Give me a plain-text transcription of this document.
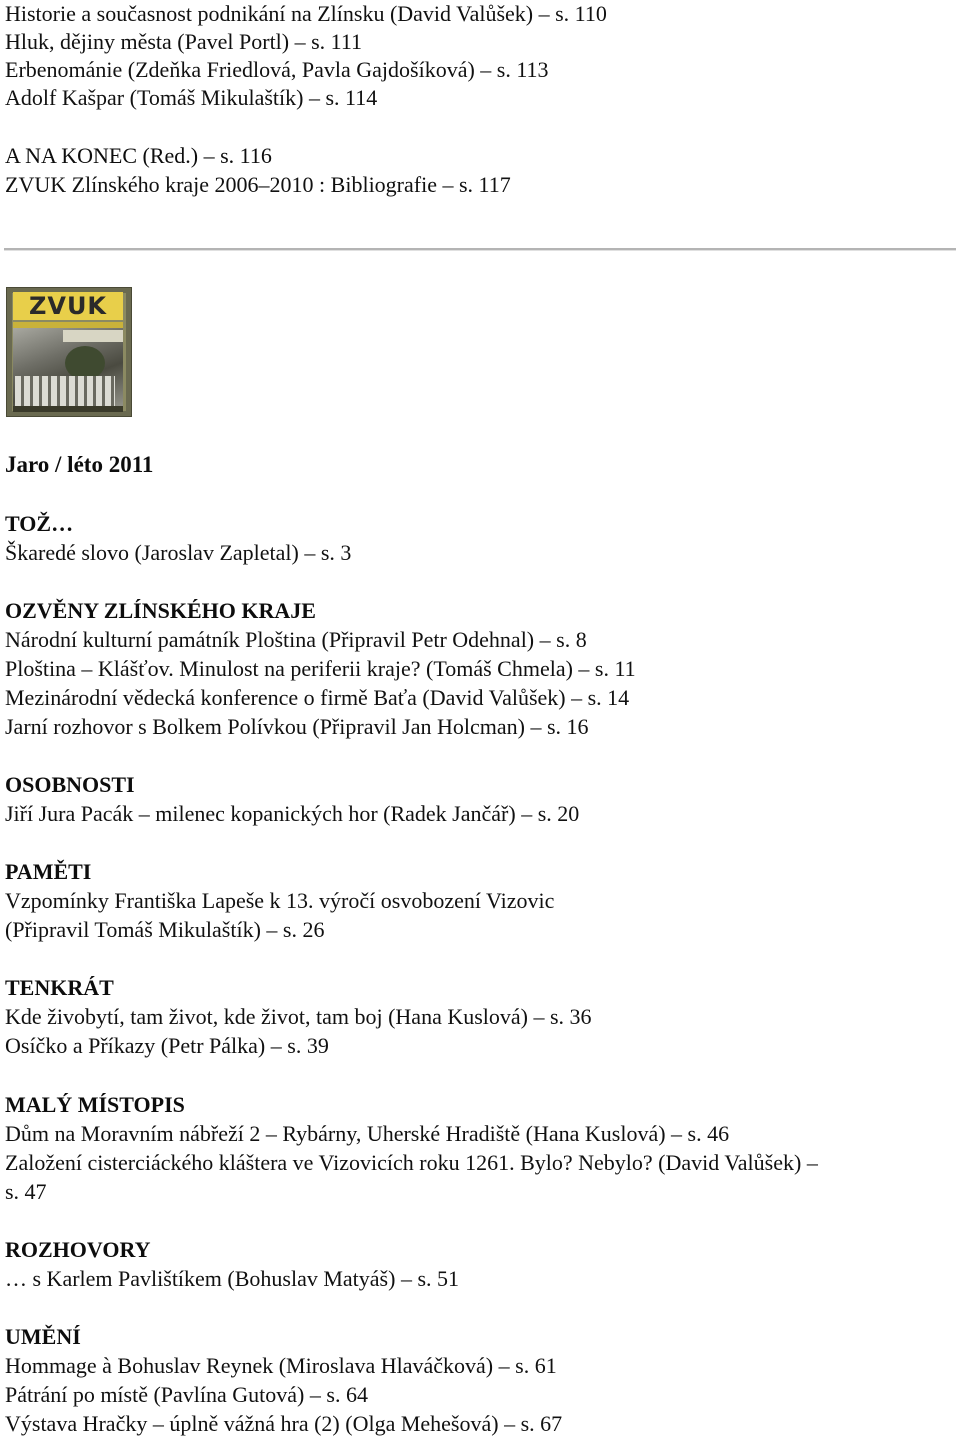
Historie a současnost podnikání na Zlínsku (David Valůšek) – s. 110
Hluk, dějiny města (Pavel Portl) – s. 111
Erbenománie (Zdeňka Friedlová, Pavla Gajdošíková) – s. 113
Adolf Kašpar (Tomáš Mikulaštík) – s. 114
A NA KONEC (Red.) – s. 116
ZVUK Zlínského kraje 2006–2010 : Bibliografie – s. 117
ZVUK
Jaro / léto 2011
TOŽ…
Škaredé slovo (Jaroslav Zapletal) – s. 3
OZVĚNY ZLÍNSKÉHO KRAJE
Národní kulturní památník Ploština (Připravil Petr Odehnal) – s. 8
Ploština – Klášťov. Minulost na periferii kraje? (Tomáš Chmela) – s. 11
Mezinárodní vědecká konference o firmě Baťa (David Valůšek) – s. 14
Jarní rozhovor s Bolkem Polívkou (Připravil Jan Holcman) – s. 16
OSOBNOSTI
Jiří Jura Pacák – milenec kopanických hor (Radek Jančář) – s. 20
PAMĚTI
Vzpomínky Františka Lapeše k 13. výročí osvobození Vizovic
(Připravil Tomáš Mikulaštík) – s. 26
TENKRÁT
Kde živobytí, tam život, kde život, tam boj (Hana Kuslová) – s. 36
Osíčko a Příkazy (Petr Pálka) – s. 39
MALÝ MÍSTOPIS
Dům na Moravním nábřeží 2 – Rybárny, Uherské Hradiště (Hana Kuslová) – s. 46
Založení cisterciáckého kláštera ve Vizovicích roku 1261. Bylo? Nebylo? (David Valůšek) –
s. 47
ROZHOVORY
… s Karlem Pavlištíkem (Bohuslav Matyáš) – s. 51
UMĚNÍ
Hommage à Bohuslav Reynek (Miroslava Hlaváčková) – s. 61
Pátrání po místě (Pavlína Gutová) – s. 64
Výstava Hračky – úplně vážná hra (2) (Olga Mehešová) – s. 67
